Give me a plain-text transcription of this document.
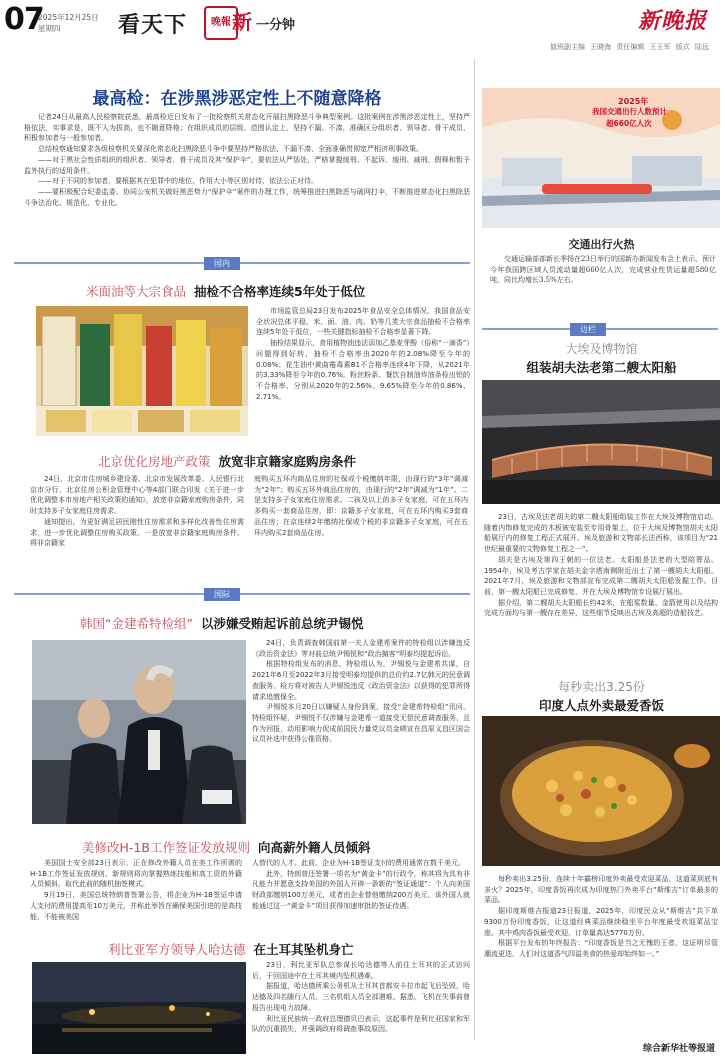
07
2025年12月25日
星期四	看天下 晚 報 新 一分钟	新晚报
值班副主编 王晓海 责任编辑 王玉军 版式 陆远
最高检：在涉黑涉恶定性上不随意降格

记者24日从最高人民检察院获悉，最高检近日发布了一批检察机关常态化开展扫黑除恶斗争典型案例。这批案例在涉黑涉恶定性上，坚持严格依法，实事求是，既不人为拔高，也不随意降格；在组织成员的层级、范围认定上，坚持不漏、不凑，准确区分组织者、领导者、骨干成员、积极参加者与一般参加者。

总结检察通知要求各级检察机关要深化常态化扫黑除恶斗争中要坚持严格依法、不漏不凑、全面准确贯彻宽严相济刑事政策。

——对于黑社会性质组织的组织者、领导者、骨干成员及其“保护伞”，要依法从严惩处，严格掌握缓刑、不起诉、缓刑、减刑、假释和暂予监外执行的适用条件。

——对于不同的参加者，要根据其在犯罪中的地位、作用大小等区别对待，依法公正对待。

——要积极配合纪委监委、协同公安机关做好黑恶势力“保护伞”案件的办理工作，统筹推进扫黑除恶与破网打伞，不断推进常态化扫黑除恶斗争法治化、规范化、专业化。

国内
米面油等大宗食品 抽检不合格率连续5年处于低位

市场监管总局23日发布2025年食品安全总体情况，我国食品安全状况总体平稳，米、面、油、肉、奶等几类大宗食品抽检不合格率连续5年处于低位，一些关键指标抽检不合格率显著下降。

抽检结果显示，食用植物油违法添加乙基麦芽酚（俗称“一滴香”）问题得到好转，抽检不合格率由2020年的2.08%降至今年的0.08%；花生油中黄曲霉毒素B1不合格率连续4年下降，从2021年的3.33%降至今年的0.76%。粉丝粉条、餐饮自制油炸油条检出铝的不合格率，分别从2020年的2.56%、9.65%降至今年的0.86%、2.71%。

北京优化房地产政策 放宽非京籍家庭购房条件

24日，北京市住房城乡建设委、北京市发展改革委、人民银行北京市分行、北京住房公积金管理中心等4部门联合印发《关于进一步优化调整本市房地产相关政策的通知》，放宽非京籍家庭购房条件，同时支持多子女家庭住房需求。

通知提出，为更好满足居民刚性住房需求和多样化改善性住房需求，进一步优化调整住房购买政策。一是放宽非京籍家庭购房条件。将非京籍家

庭购买五环内商品住房的社保或个税缴纳年限，由现行的“3年”调减为“2年”；购买五环外商品住房的，由现行的“2年”调减为“1年”。二是支持多子女家庭住房需求。二孩及以上的多子女家庭，可在五环内多购买一套商品住房，即：京籍多子女家庭，可在五环内购买3套商品住房；在京连续2年缴纳社保或个税的非京籍多子女家庭，可在五环内购买2套商品住房。

国际
韩国“金建希特检组” 以涉嫌受贿起诉前总统尹锡悦

24日，负责调查韩国前第一夫人金建希案件的特检组以涉嫌违反《政治资金法》等对前总统尹锡悦和“政治掮客”明泰均提起诉讼。

根据特检组发布的消息，特检组认为，尹锡悦与金建希共谋，自2021年6月至2022年3月接受明泰均提供的总价约2.7亿韩元的民意调查服务。检方将对被告人尹锡悦违反《政治资金法》以获得的犯罪所得请求追缴保全。

尹锡悦本月20日以嫌疑人身份到案，接受“金建希特检组”讯问。特检组怀疑，尹锡悦不仅涉嫌与金建希一道接受无偿民意调查服务，且作为回报，动用影响力促成前国民力量党议员金暎宣在昌原义昌区国会议员补选中获得公推资格。

美修改H-1B工作签证发放规则 向高薪外籍人员倾斜

美国国土安全部23日表示，正在修改外籍人员在美工作所需的H-1B工作签证发放规则，新规则将向掌握熟练技能和高工资的外籍人员倾斜，取代此前的随机抽签模式。

9月19日，美国总统特朗普签署公告，将企业为H-1B签证申请人支付的费用提高至10万美元，并称此举旨在确保美国引进的是高技能、不能被美国

人替代的人才。此前，企业为H-1B签证支付的费用通常在数千美元。

此外，特朗普还签署一项名为“黄金卡”的行政令，称其将为具有非凡能力并愿意支持美国的外国人开辟一条新的“签证通道”：个人向美国财政部缴纳100万美元，或者由企业替他缴纳200万美元，该外国人就能通过这一“黄金卡”项目获得加速审批的签证待遇。

利比亚军方领导人哈达德 在土耳其坠机身亡

23日，利比亚军队总参谋长哈达德等人前往土耳其的正式访问后，于回国途中在土耳其境内坠机遇难。

据报道，哈达德所乘公务机从土耳其首都安卡拉市起飞后坠毁，哈达德及四名随行人员、三名机组人员全部遇难。据悉，飞机在失事前曾报告出现电力故障。

利比亚民族统一政府总理德贝巴表示，这起事件是利比亚国家和军队的沉重损失，并强调政府将调查事故原因。

2025年
我国交通出行人数预计
超660亿人次
交通出行火热

交通运输部部新长季扬在23日举行的国新办新闻发布会上表示，预计今年我国跨区域人员流动量超660亿人次，完成营业性货运量超580亿吨，同比均增长3.5%左右。

边栏
大埃及博物馆
组装胡夫法老第二艘太阳船

23日，古埃及法老胡夫的第二艘太阳船组装工作在大埃及博物馆启动。随着内饰修复完成的木板被安装至专用骨架上，位于大埃及博物馆胡夫太阳船展厅内的修复工程正式展开。埃及旅游和文物部长法西称，该项目为“21世纪最重要的文物修复工程之一”。

胡夫是古埃及第四王朝的一位法老。太阳船是法老的大型陪葬品。1954年，埃及考古学家在胡夫金字塔南侧附近出土了第一艘胡夫太阳船。2021年7月，埃及旅游和文物部宣布完成第二艘胡夫太阳船发掘工作。目前，第一艘太阳船已完成修复，并在大埃及博物馆专设展厅展出。

据介绍，第二艘胡夫太阳船长约42米，在船桨数量、金箭使用以及结构完成方面均与第一艘存在差异，这些细节反映出古埃及高超的造船技艺。

每秒卖出3.25份
印度人点外卖最爱香饭

每秒卖出3.25份，连续十年霸榜印度外卖最受欢迎菜品，这道菜到底有多火？2025年，印度香饭再次成为印度热门外卖平台“斯维吉”订单最多的菜品。

据印度斯维吉报道23日报道，2025年，印度民众从“斯维吉”共下单9300万份印度香饭，让这道经典菜品继续稳坐平台年度最受欢迎菜品宝座。其中鸡肉香饭最受欢迎，订单量高达5770万份。

根据平台发布的年终报告：“印度香饭是当之无愧的王者，这证明尽管潮流更迭，人们对这道香气四溢美食的热爱却始终如一。”

综合新华社等报道
